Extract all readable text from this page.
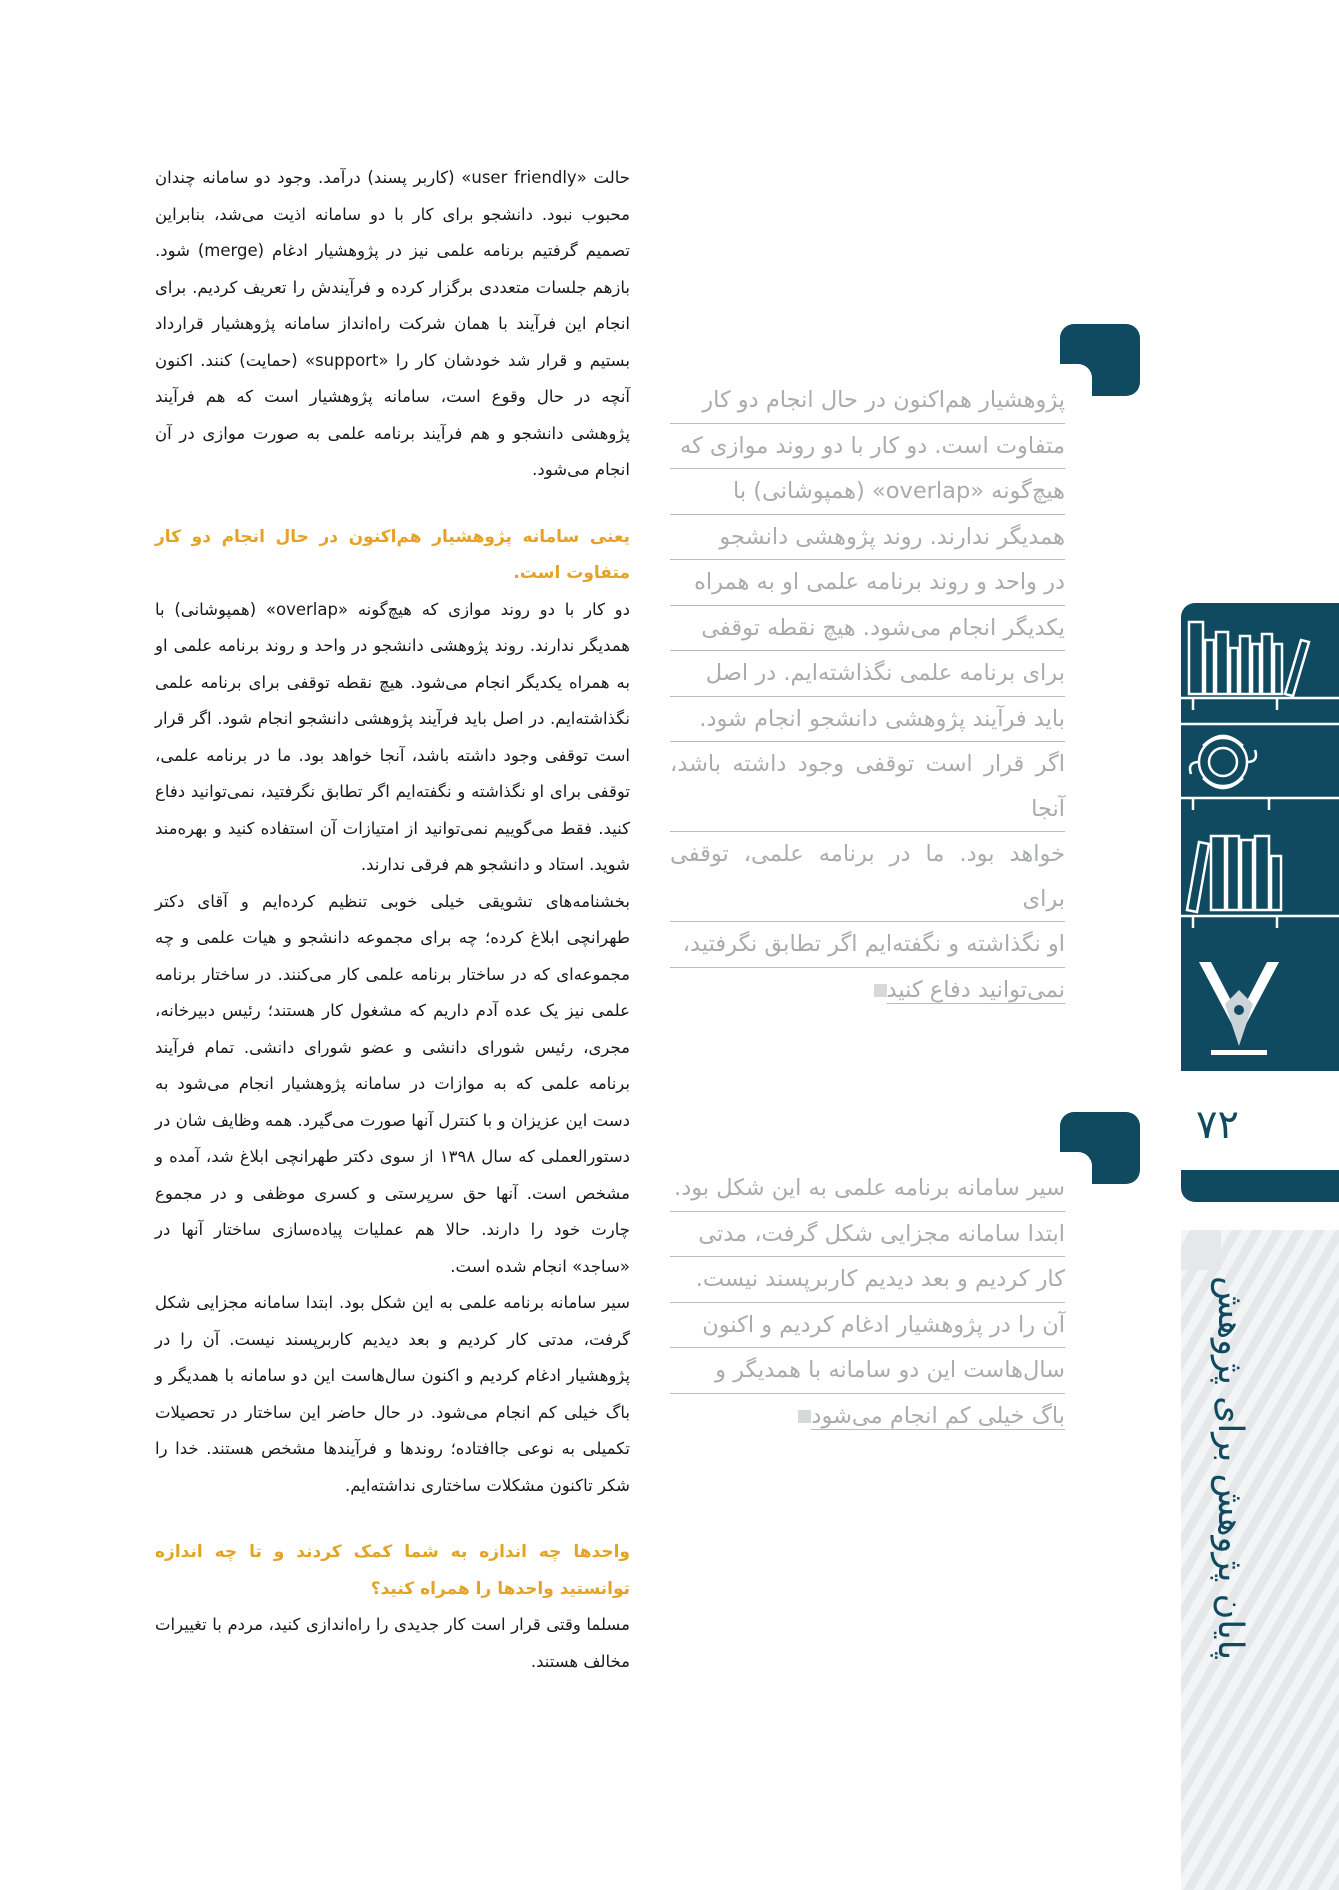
حالت «user friendly» (کاربر پسند) درآمد. وجود دو سامانه چندان محبوب نبود. دانشجو برای کار با دو سامانه اذیت می‌شد، بنابراین تصمیم گرفتیم برنامه علمی نیز در پژوهشیار ادغام (merge) شود. بازهم جلسات متعددی برگزار کرده و فرآیندش را تعریف کردیم. برای انجام این فرآیند با همان شرکت راه‌انداز سامانه پژوهشیار قرارداد بستیم و قرار شد خودشان کار را «support» (حمایت) کنند. اکنون آنچه در حال وقوع است، سامانه پژوهشیار است که هم فرآیند پژوهشی دانشجو و هم فرآیند برنامه علمی به صورت موازی در آن انجام می‌شود.

یعنی سامانه پژوهشیار هم‌اکنون در حال انجام دو کار متفاوت است.

دو کار با دو روند موازی که هیچ‌گونه «overlap» (همپوشانی) با همدیگر ندارند. روند پژوهشی دانشجو در واحد و روند برنامه علمی او به همراه یکدیگر انجام می‌شود. هیچ نقطه توقفی برای برنامه علمی نگذاشته‌ایم. در اصل باید فرآیند پژوهشی دانشجو انجام شود. اگر قرار است توقفی وجود داشته باشد، آنجا خواهد بود. ما در برنامه علمی، توقفی برای او نگذاشته و نگفته‌ایم اگر تطابق نگرفتید، نمی‌توانید دفاع کنید. فقط می‌گوییم نمی‌توانید از امتیازات آن استفاده کنید و بهره‌مند شوید. استاد و دانشجو هم فرقی ندارند.

بخشنامه‌های تشویقی خیلی خوبی تنظیم کرده‌ایم و آقای دکتر طهرانچی ابلاغ کرده؛ چه برای مجموعه دانشجو و هیات علمی و چه مجموعه‌ای که در ساختار برنامه علمی کار می‌کنند. در ساختار برنامه علمی نیز یک عده آدم داریم که مشغول کار هستند؛ رئیس دبیرخانه، مجری، رئیس شورای دانشی و عضو شورای دانشی. تمام فرآیند برنامه علمی که به موازات در سامانه پژوهشیار انجام می‌شود به دست این عزیزان و با کنترل آنها صورت می‌گیرد. همه وظایف شان در دستورالعملی که سال ۱۳۹۸ از سوی دکتر طهرانچی ابلاغ شد، آمده و مشخص است. آنها حق سرپرستی و کسری موظفی و در مجموع چارت خود را دارند. حالا هم عملیات پیاده‌سازی ساختار آنها در «ساجد» انجام شده است.

سیر سامانه برنامه علمی به این شکل بود. ابتدا سامانه مجزایی شکل گرفت، مدتی کار کردیم و بعد دیدیم کاربرپسند نیست. آن را در پژوهشیار ادغام کردیم و اکنون سال‌هاست این دو سامانه با همدیگر و باگ خیلی کم انجام می‌شود. در حال حاضر این ساختار در تحصیلات تکمیلی به نوعی جاافتاده؛ روندها و فرآیندها مشخص هستند. خدا را شکر تاکنون مشکلات ساختاری نداشته‌ایم.

واحدها چه اندازه به شما کمک کردند و تا چه اندازه توانستید واحدها را همراه کنید؟

مسلما وقتی قرار است کار جدیدی را راه‌اندازی کنید، مردم با تغییرات مخالف هستند.

پژوهشیار هم‌اکنون در حال انجام دو کار

متفاوت است. دو کار با دو روند موازی که

هیچ‌گونه «overlap» (همپوشانی) با

همدیگر ندارند. روند پژوهشی دانشجو

در واحد و روند برنامه علمی او به همراه

یکدیگر انجام می‌شود. هیچ نقطه توقفی

برای برنامه علمی نگذاشته‌ایم. در اصل

باید فرآیند پژوهشی دانشجو انجام شود.

اگر قرار است توقفی وجود داشته باشد، آنجا

خواهد بود. ما در برنامه علمی، توقفی برای

او نگذاشته و نگفته‌ایم اگر تطابق نگرفتید،

نمی‌توانید دفاع کنید

سیر سامانه برنامه علمی به این شکل بود.

ابتدا سامانه مجزایی شکل گرفت، مدتی

کار کردیم و بعد دیدیم کاربرپسند نیست.

آن را در پژوهشیار ادغام کردیم و اکنون

سال‌هاست این دو سامانه با همدیگر و

باگ خیلی کم انجام می‌شود

۷۲
پایان پژوهش برای پژوهش
